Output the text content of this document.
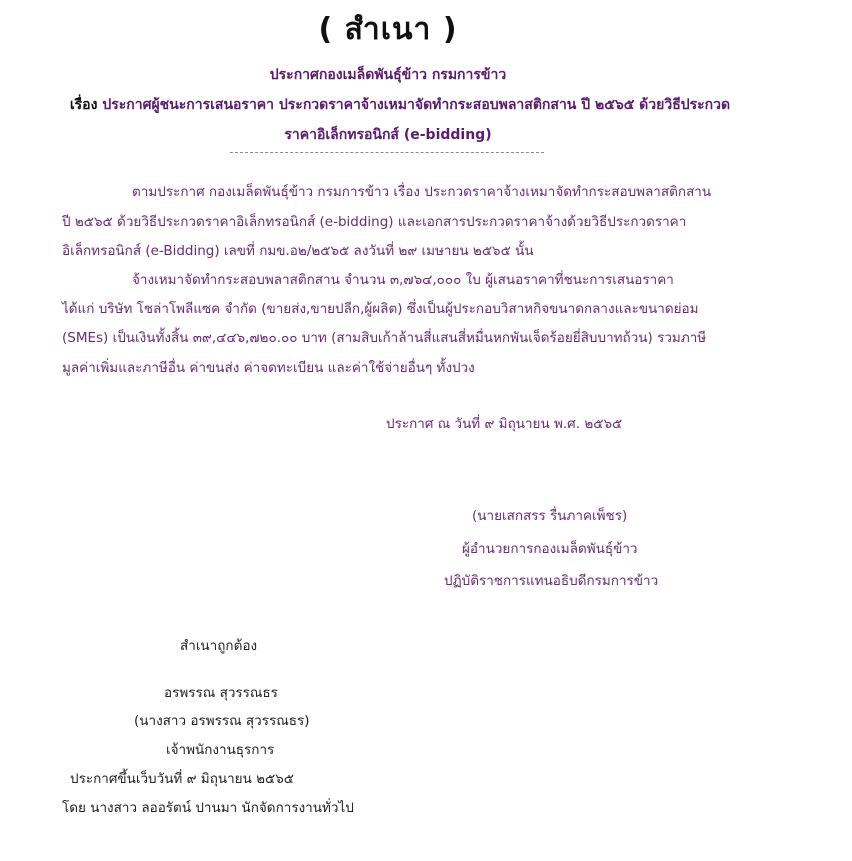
( สำเนา )
ประกาศกองเมล็ดพันธุ์ข้าว กรมการข้าว
เรื่อง ประกาศผู้ชนะการเสนอราคา ประกวดราคาจ้างเหมาจัดทำกระสอบพลาสติกสาน ปี ๒๕๖๕ ด้วยวิธีประกวด
ราคาอิเล็กทรอนิกส์ (e-bidding)
ตามประกาศ กองเมล็ดพันธุ์ข้าว กรมการข้าว เรื่อง ประกวดราคาจ้างเหมาจัดทำกระสอบพลาสติกสาน
ปี ๒๕๖๕ ด้วยวิธีประกวดราคาอิเล็กทรอนิกส์ (e-bidding) และเอกสารประกวดราคาจ้างด้วยวิธีประกวดราคา
อิเล็กทรอนิกส์ (e-Bidding) เลขที่ กมข.อ๒/๒๕๖๕ ลงวันที่ ๒๙ เมษายน ๒๕๖๕ นั้น
จ้างเหมาจัดทำกระสอบพลาสติกสาน จำนวน ๓,๗๖๔,๐๐๐ ใบ ผู้เสนอราคาที่ชนะการเสนอราคา
ได้แก่ บริษัท โชล่าโพลีแซค จำกัด (ขายส่ง,ขายปลีก,ผู้ผลิต) ซึ่งเป็นผู้ประกอบวิสาหกิจขนาดกลางและขนาดย่อม
(SMEs) เป็นเงินทั้งสิ้น ๓๙,๔๔๖,๗๒๐.๐๐ บาท (สามสิบเก้าล้านสี่แสนสี่หมื่นหกพันเจ็ดร้อยยี่สิบบาทถ้วน) รวมภาษี
มูลค่าเพิ่มและภาษีอื่น ค่าขนส่ง ค่าจดทะเบียน และค่าใช้จ่ายอื่นๆ ทั้งปวง
ประกาศ ณ วันที่ ๙ มิถุนายน พ.ศ. ๒๕๖๕
(นายเสกสรร รื่นภาคเพ็ชร)
ผู้อำนวยการกองเมล็ดพันธุ์ข้าว
ปฏิบัติราชการแทนอธิบดีกรมการข้าว
สำเนาถูกต้อง
อรพรรณ สุวรรณธร
(นางสาว อรพรรณ สุวรรณธร)
เจ้าพนักงานธุรการ
ประกาศขึ้นเว็บวันที่ ๙ มิถุนายน ๒๕๖๕
โดย นางสาว ลออรัตน์ ปานมา นักจัดการงานทั่วไป
